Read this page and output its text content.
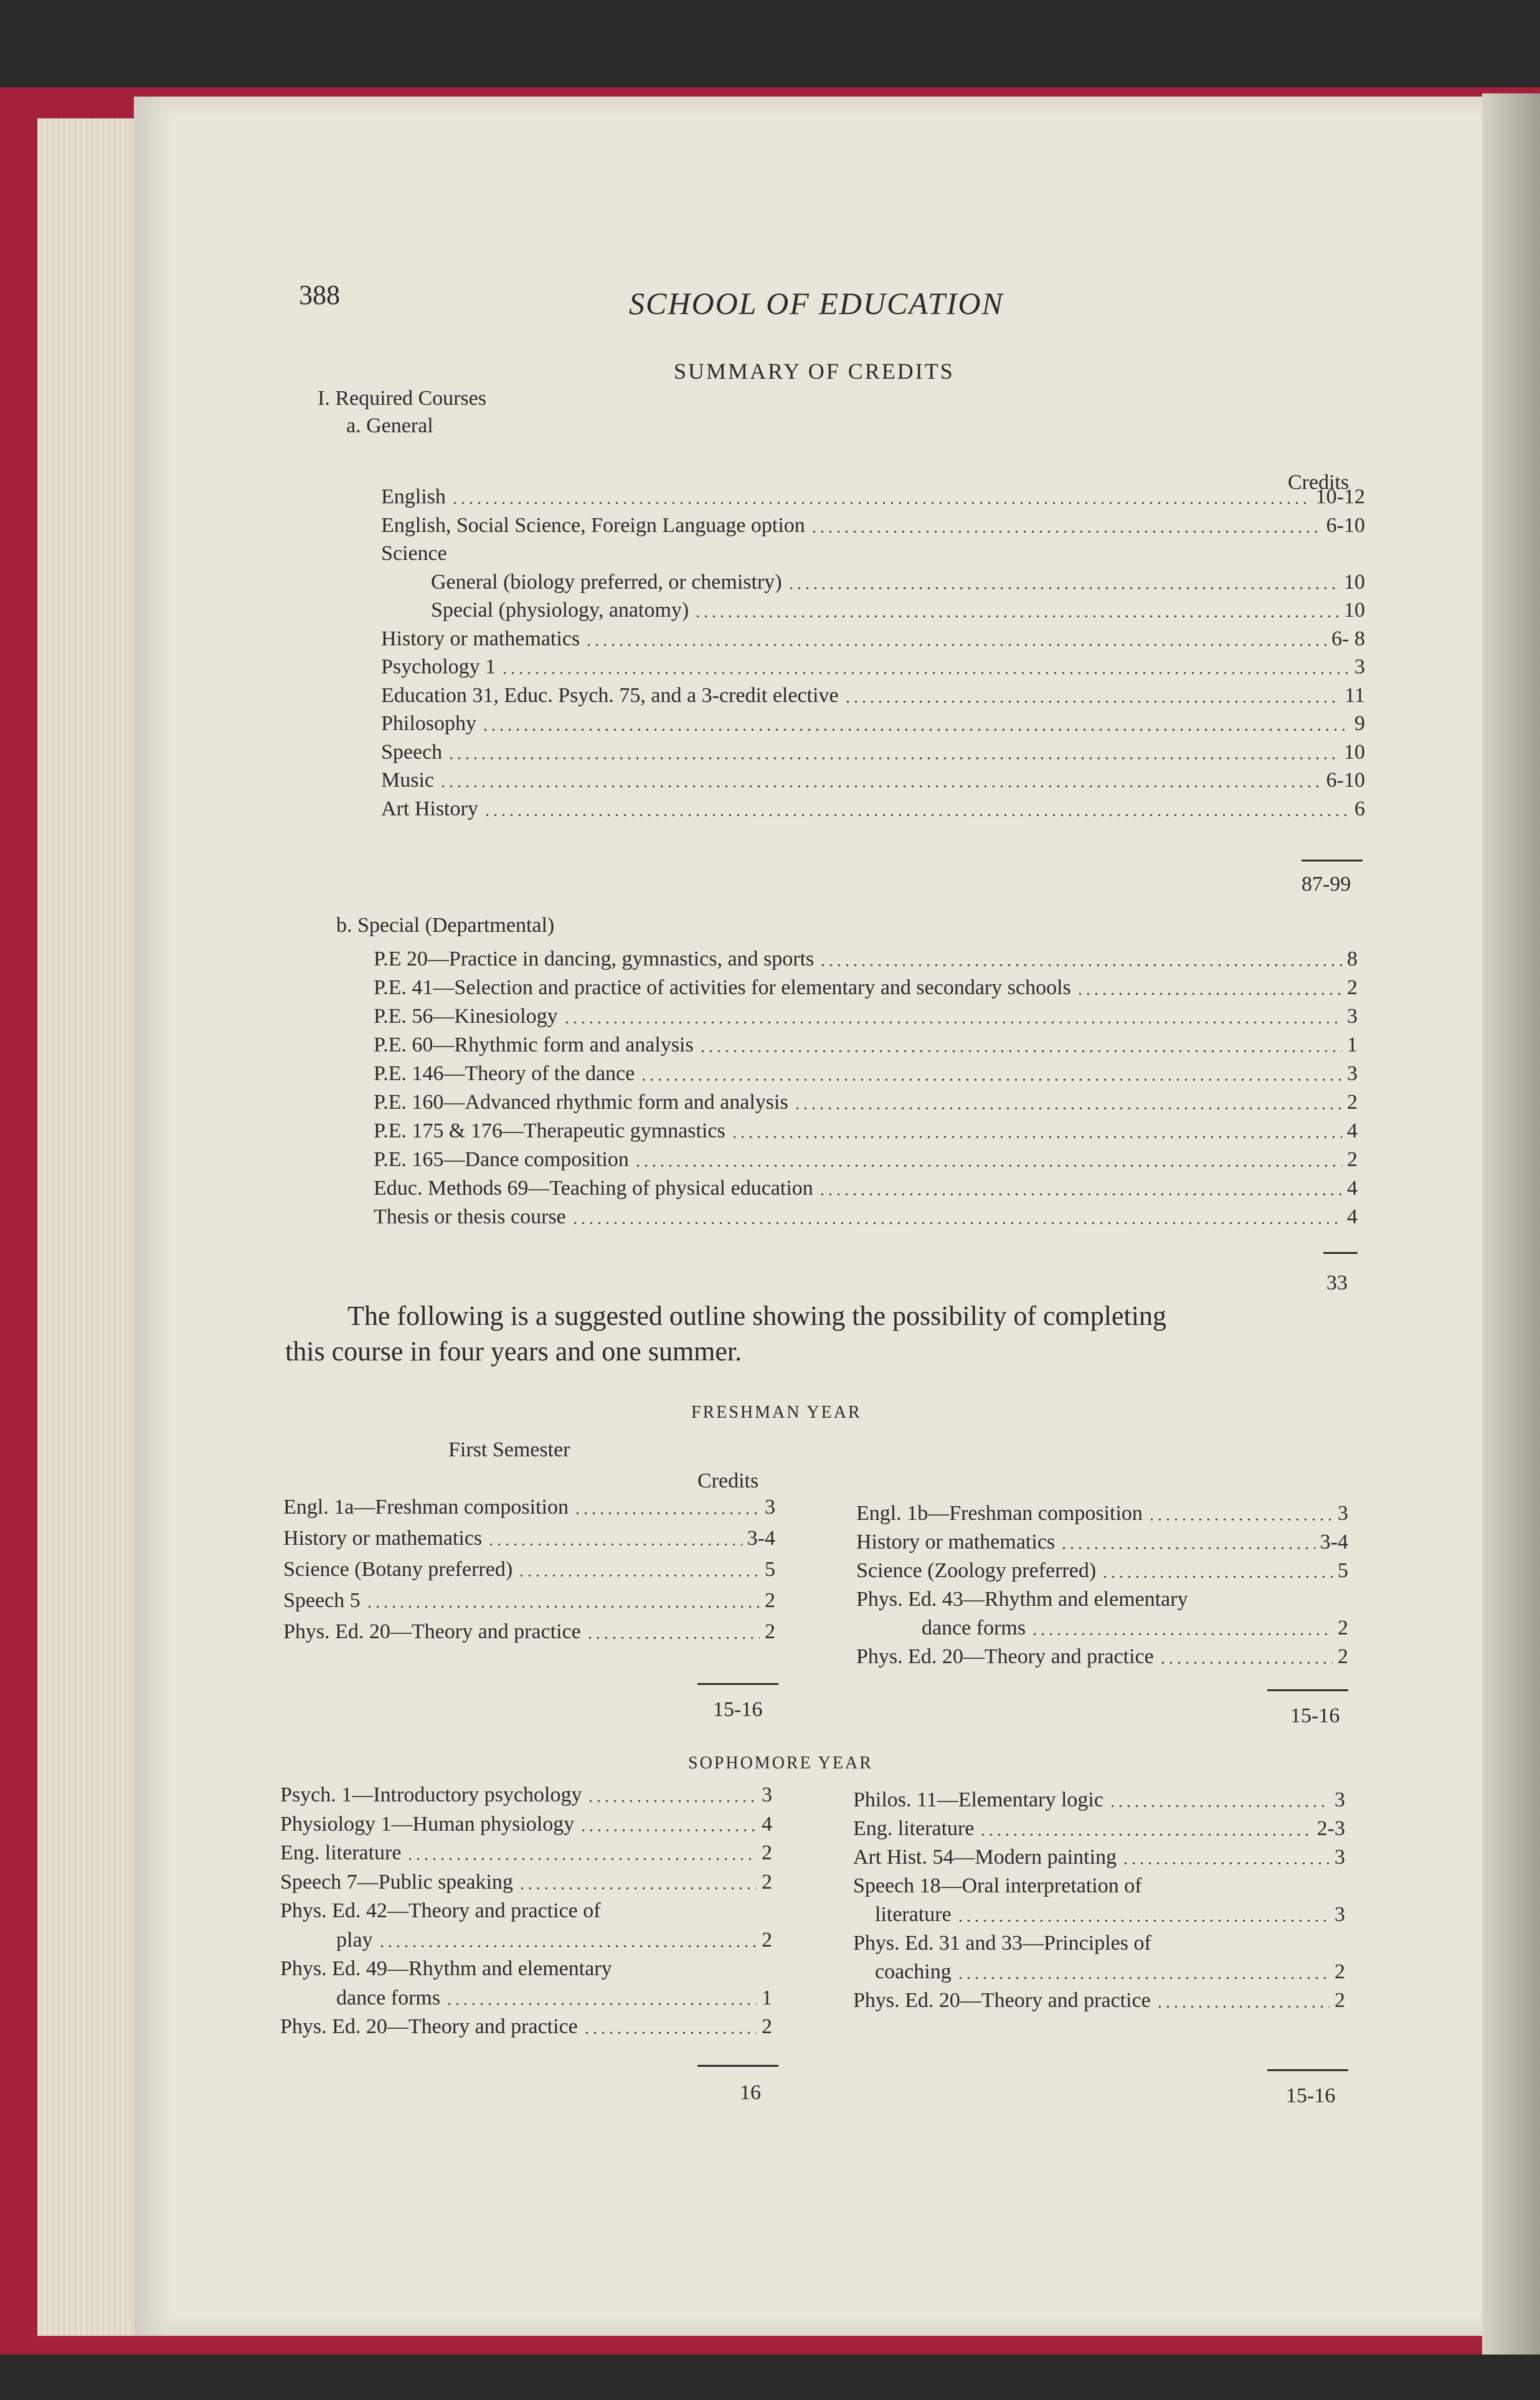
388	SCHOOL OF EDUCATION
SUMMARY OF CREDITS
I. Required Courses
a. General
Credits
English	10-12
English, Social Science, Foreign Language option	6-10
Science
General (biology preferred, or chemistry)	10
Special (physiology, anatomy)	10
History or mathematics	6- 8
Psychology 1	3
Education 31, Educ. Psych. 75, and a 3-credit elective	11
Philosophy	9
Speech	10
Music	6-10
Art History	6
87-99
b. Special (Departmental)
P.E 20—Practice in dancing, gymnastics, and sports	8
P.E. 41—Selection and practice of activities for elementary and secondary schools	2
P.E. 56—Kinesiology	3
P.E. 60—Rhythmic form and analysis	1
P.E. 146—Theory of the dance	3
P.E. 160—Advanced rhythmic form and analysis	2
P.E. 175 & 176—Therapeutic gymnastics	4
P.E. 165—Dance composition	2
Educ. Methods 69—Teaching of physical education	4
Thesis or thesis course	4
33
The following is a suggested outline showing the possibility of completing
this course in four years and one summer.
FRESHMAN YEAR
First Semester
Credits
Engl. 1a—Freshman composition	3
History or mathematics	3-4
Science (Botany preferred)	5
Speech 5	2
Phys. Ed. 20—Theory and practice	2
Engl. 1b—Freshman composition	3
History or mathematics	3-4
Science (Zoology preferred)	5
Phys. Ed. 43—Rhythm and elementary
dance forms	2
Phys. Ed. 20—Theory and practice	2
15-16	15-16
SOPHOMORE YEAR
Psych. 1—Introductory psychology	3
Physiology 1—Human physiology	4
Eng. literature	2
Speech 7—Public speaking	2
Phys. Ed. 42—Theory and practice of
play	2
Phys. Ed. 49—Rhythm and elementary
dance forms	1
Phys. Ed. 20—Theory and practice	2
Philos. 11—Elementary logic	3
Eng. literature	2-3
Art Hist. 54—Modern painting	3
Speech 18—Oral interpretation of
literature	3
Phys. Ed. 31 and 33—Principles of
coaching	2
Phys. Ed. 20—Theory and practice	2
16	15-16
